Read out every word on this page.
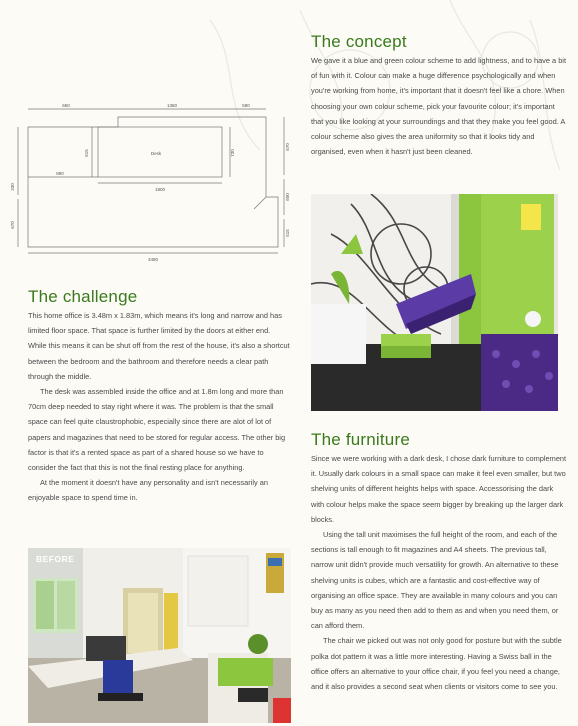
650	1360	580
Desk
890
1800
3480
615	730
670
600
515
330
670
The concept

We gave it a blue and green colour scheme to add lightness, and to have a bit of fun with it. Colour can make a huge difference psychologically and when you're working from home, it's important that it doesn't feel like a chore. When choosing your own colour scheme, pick your favourite colour; it's important that you like looking at your surroundings and that they make you feel good. A colour scheme also gives the area uniformity so that it looks tidy and organised, even when it hasn't just been cleaned.

The furniture

Since we were working with a dark desk, I chose dark furniture to complement it. Usually dark colours in a small space can make it feel even smaller, but two shelving units of different heights helps with space. Accessorising the dark with colour helps make the space seem bigger by breaking up the larger dark blocks.

Using the tall unit maximises the full height of the room, and each of the sections is tall enough to fit magazines and A4 sheets. The previous tall, narrow unit didn't provide much versatility for growth. An alternative to these shelving units is cubes, which are a fantastic and cost-effective way of organising an office space. They are available in many colours and you can buy as many as you need then add to them as and when you need them, or can afford them.

The chair we picked out was not only good for posture but with the subtle polka dot pattern it was a little more interesting. Having a Swiss ball in the office offers an alternative to your office chair, if you feel you need a change, and it also provides a second seat when clients or visitors come to see you.

The challenge

This home office is 3.48m x 1.83m, which means it's long and narrow and has limited floor space. That space is further limited by the doors at either end. While this means it can be shut off from the rest of the house, it's also a shortcut between the bedroom and the bathroom and therefore needs a clear path through the middle.

The desk was assembled inside the office and at 1.8m long and more than 70cm deep needed to stay right where it was. The problem is that the small space can feel quite claustrophobic, especially since there are alot of lot of papers and magazines that need to be stored for regular access. The other big factor is that it's a rented space as part of a shared house so we have to consider the fact that this is not the final resting place for anything.

At the moment it doesn't have any personality and isn't necessarily an enjoyable space to spend time in.

BEFORE
